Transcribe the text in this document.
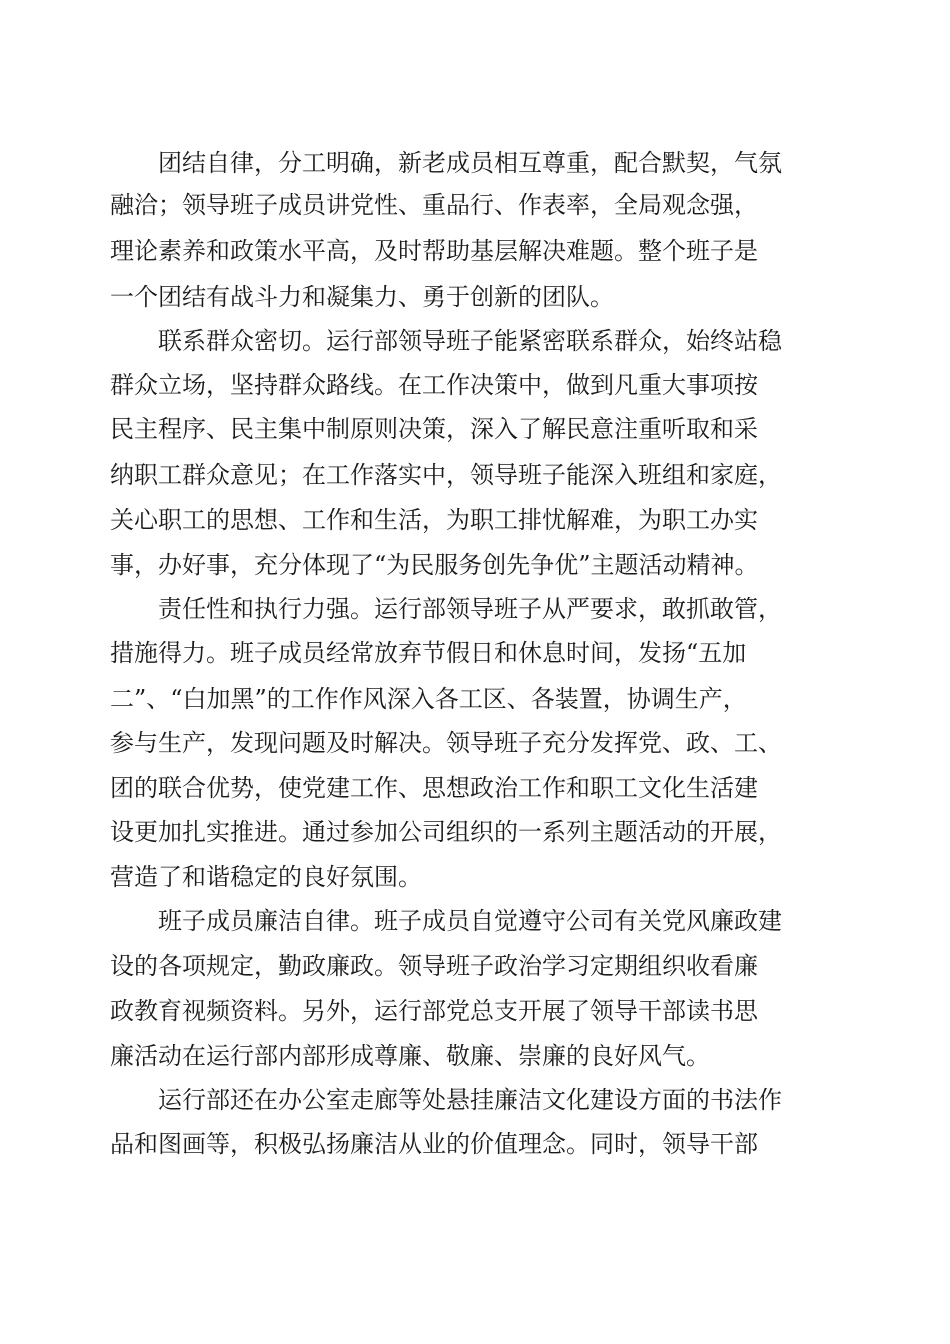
团结自律，分工明确，新老成员相互尊重，配合默契，气氛
融洽；领导班子成员讲党性、重品行、作表率，全局观念强，
理论素养和政策水平高，及时帮助基层解决难题。整个班子是
一个团结有战斗力和凝集力、勇于创新的团队。
联系群众密切。运行部领导班子能紧密联系群众，始终站稳
群众立场，坚持群众路线。在工作决策中，做到凡重大事项按
民主程序、民主集中制原则决策，深入了解民意注重听取和采
纳职工群众意见；在工作落实中，领导班子能深入班组和家庭，
关心职工的思想、工作和生活，为职工排忧解难，为职工办实
事，办好事，充分体现了“为民服务创先争优”主题活动精神。
责任性和执行力强。运行部领导班子从严要求，敢抓敢管，
措施得力。班子成员经常放弃节假日和休息时间，发扬“五加
二”、“白加黑”的工作作风深入各工区、各装置，协调生产，
参与生产，发现问题及时解决。领导班子充分发挥党、政、工、
团的联合优势，使党建工作、思想政治工作和职工文化生活建
设更加扎实推进。通过参加公司组织的一系列主题活动的开展，
营造了和谐稳定的良好氛围。
班子成员廉洁自律。班子成员自觉遵守公司有关党风廉政建
设的各项规定，勤政廉政。领导班子政治学习定期组织收看廉
政教育视频资料。另外，运行部党总支开展了领导干部读书思
廉活动在运行部内部形成尊廉、敬廉、崇廉的良好风气。
运行部还在办公室走廊等处悬挂廉洁文化建设方面的书法作
品和图画等，积极弘扬廉洁从业的价值理念。同时，领导干部
